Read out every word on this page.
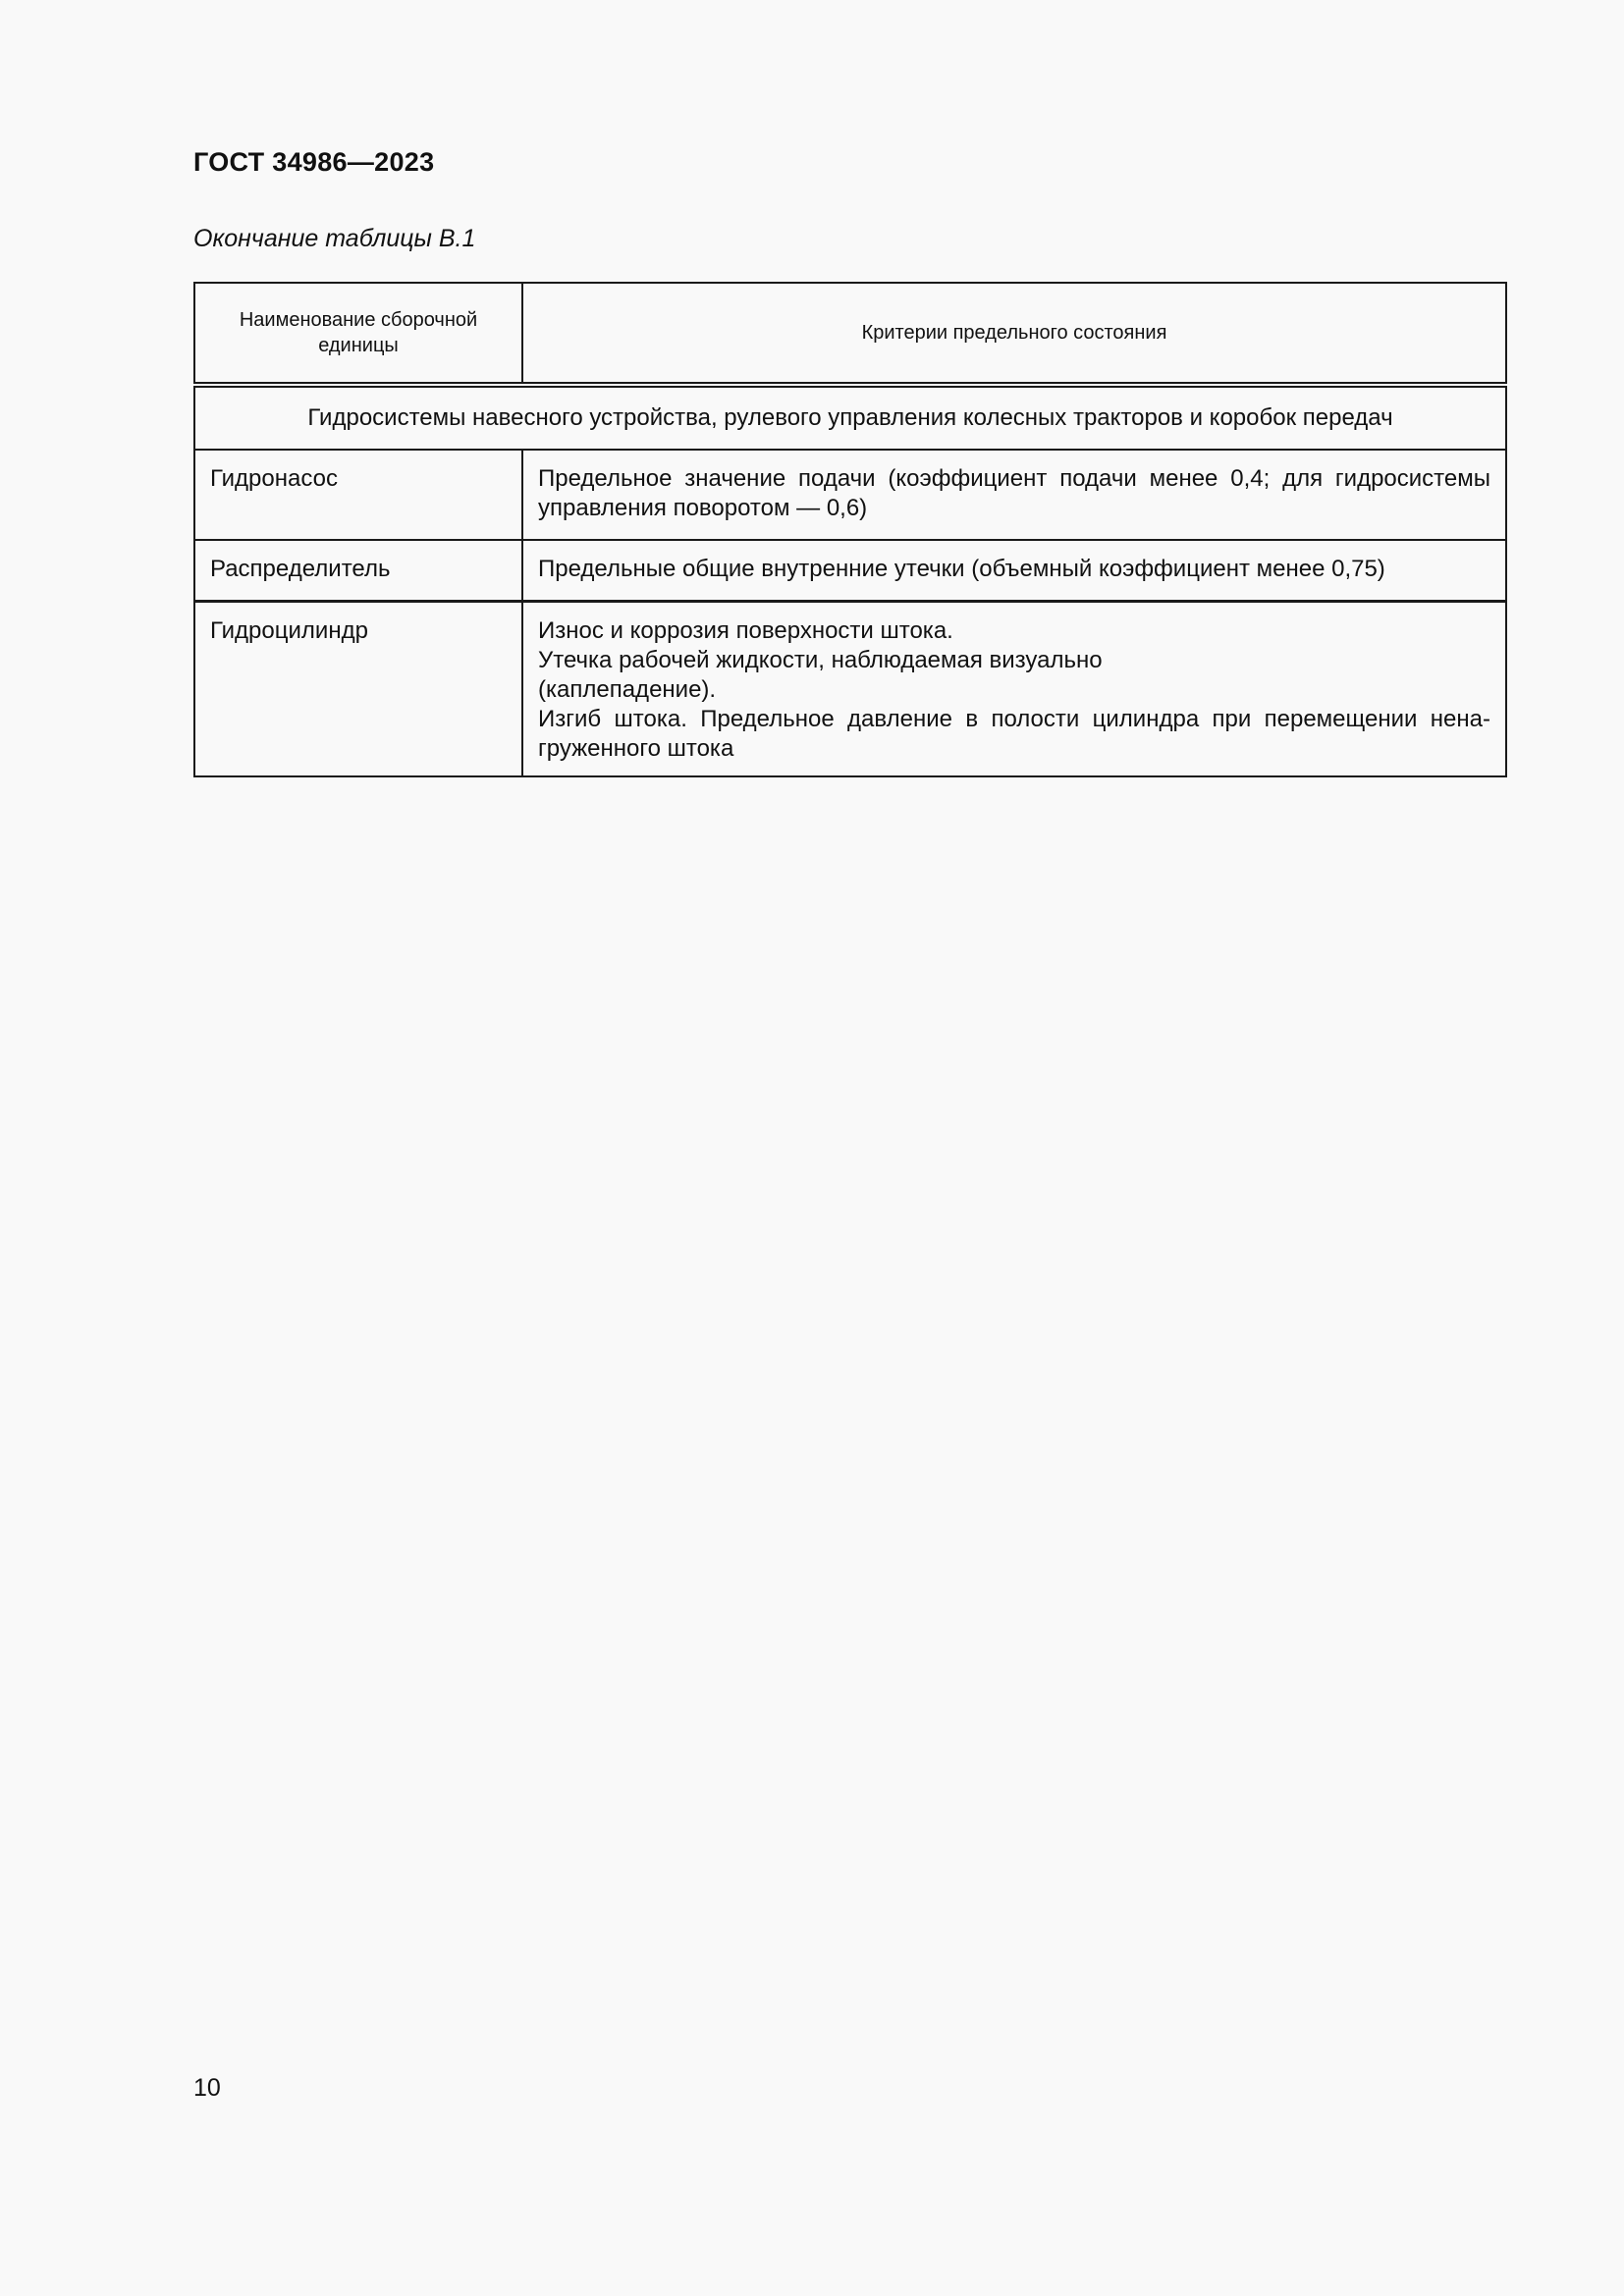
ГОСТ 34986—2023
Окончание таблицы В.1
Наименование сборочной единицы	Критерии предельного состояния
Гидросистемы навесного устройства, рулевого управления колесных тракторов и коробок передач	
Гидронасос	Предельное значение подачи (коэффициент подачи менее 0,4; для гидросистемы управления поворотом — 0,6)

Распределитель	Предельные общие внутренние утечки (объемный коэффициент менее 0,75)

Гидроцилиндр	Износ и коррозия поверхности штока.
Утечка рабочей жидкости, наблюдаемая визуально
(каплепадение).
Изгиб штока. Предельное давление в полости цилиндра при перемещении ненагруженного штока
10
